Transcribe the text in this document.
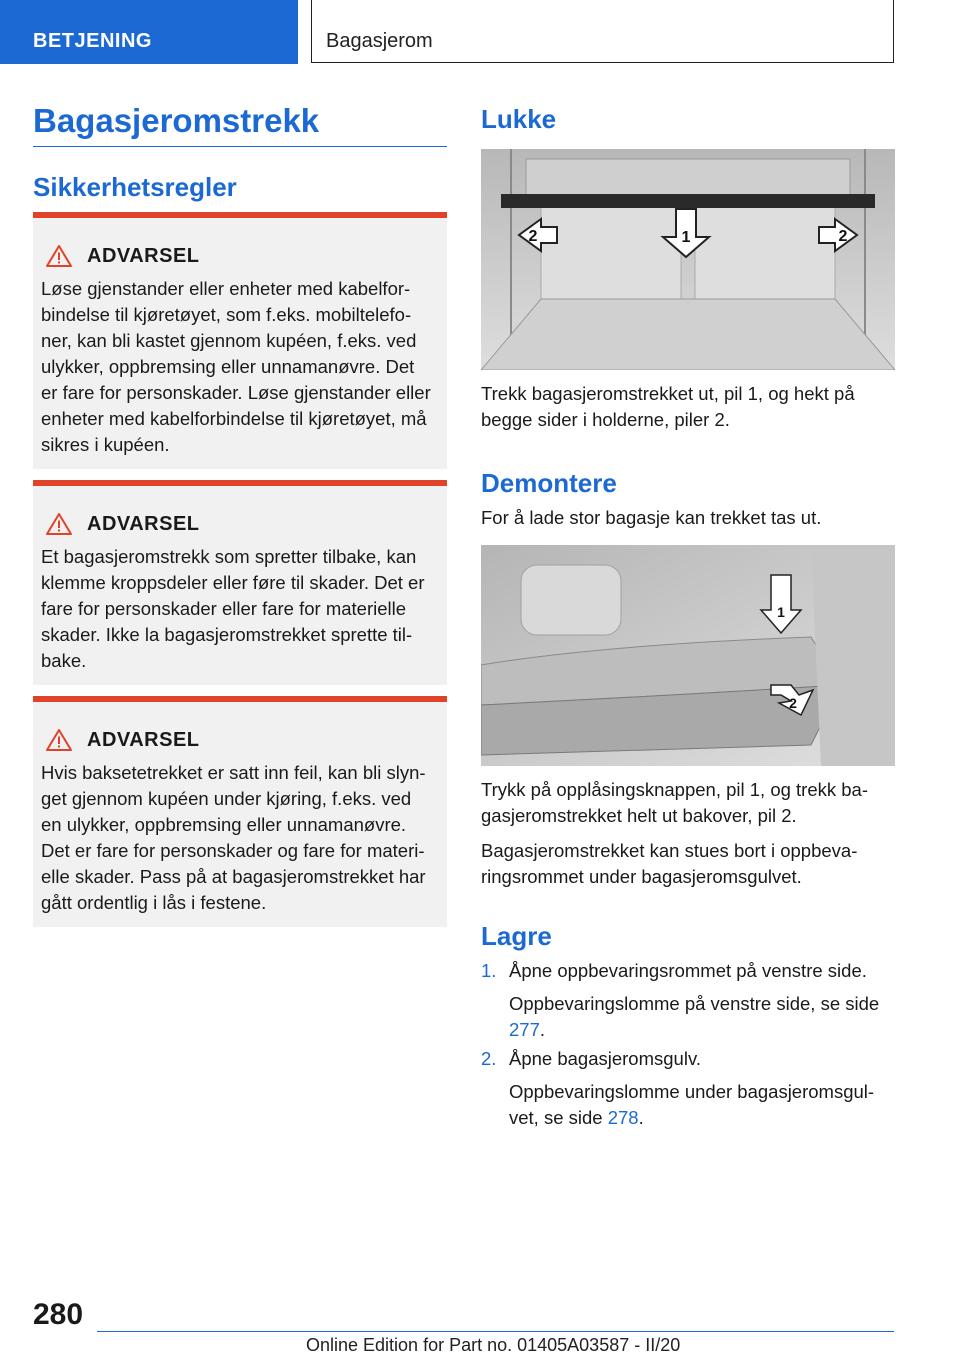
BETJENING	Bagasjerom
Bagasjeromstrekk
Sikkerhetsregler
ADVARSEL

Løse gjenstander eller enheter med kabelforbindelse til kjøretøyet, som f.eks. mobiltelefoner, kan bli kastet gjennom kupéen, f.eks. ved ulykker, oppbremsing eller unnamanøvre. Det er fare for personskader. Løse gjenstander eller enheter med kabelforbindelse til kjøretøyet, må sikres i kupéen.

ADVARSEL

Et bagasjeromstrekk som spretter tilbake, kan klemme kroppsdeler eller føre til skader. Det er fare for personskader eller fare for materielle skader. Ikke la bagasjeromstrekket sprette tilbake.

ADVARSEL

Hvis baksetetrekket er satt inn feil, kan bli slynget gjennom kupéen under kjøring, f.eks. ved en ulykker, oppbremsing eller unnamanøvre. Det er fare for personskader og fare for materielle skader. Pass på at bagasjeromstrekket har gått ordentlig i lås i festene.

Lukke
1
2	2

Trekk bagasjeromstrekket ut, pil 1, og hekt på begge sider i holderne, piler 2.

Demontere

For å lade stor bagasje kan trekket tas ut.

1
2

Trykk på opplåsingsknappen, pil 1, og trekk bagasjeromstrekket helt ut bakover, pil 2.

Bagasjeromstrekket kan stues bort i oppbevaringsrommet under bagasjeromsgulvet.

Lagre
1. Åpne oppbevaringsrommet på venstre side.
Oppbevaringslomme på venstre side, se side 277.
2. Åpne bagasjeromsgulv.
Oppbevaringslomme under bagasjeromsgulvet, se side 278.
280
Online Edition for Part no. 01405A03587 - II/20
